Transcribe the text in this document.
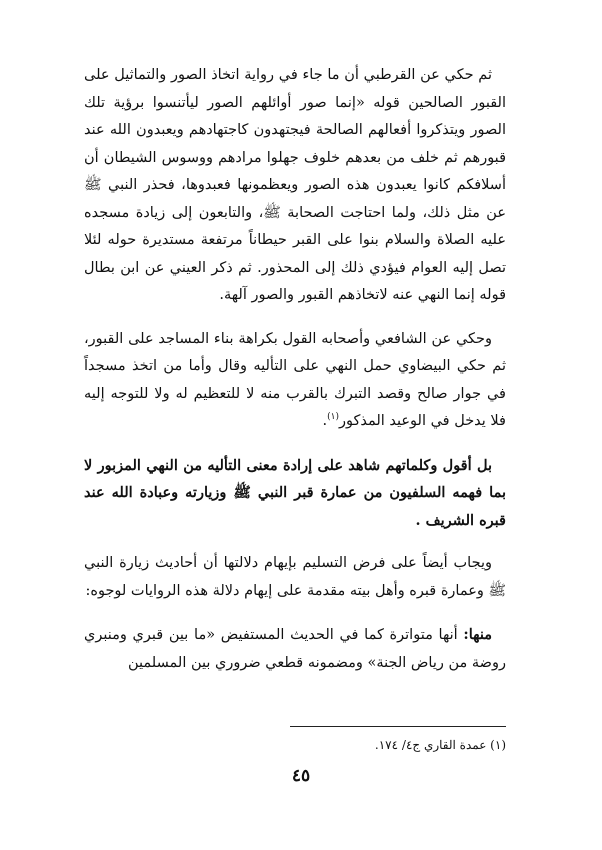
ثم حكي عن القرطبي أن ما جاء في رواية اتخاذ الصور والتماثيل على القبور الصالحين قوله «إنما صور أوائلهم الصور ليأتنسوا برؤية تلك الصور ويتذكروا أفعالهم الصالحة فيجتهدون كاجتهادهم ويعبدون الله عند قبورهم ثم خلف من بعدهم خلوف جهلوا مرادهم ووسوس الشيطان أن أسلافكم كانوا يعبدون هذه الصور ويعظمونها فعبدوها، فحذر النبي ﷺ عن مثل ذلك، ولما احتاجت الصحابة ﷺ، والتابعون إلى زيادة مسجده عليه الصلاة والسلام بنوا على القبر حيطاناً مرتفعة مستديرة حوله لئلا تصل إليه العوام فيؤدي ذلك إلى المحذور. ثم ذكر العيني عن ابن بطال قوله إنما النهي عنه لاتخاذهم القبور والصور آلهة.

وحكي عن الشافعي وأصحابه القول بكراهة بناء المساجد على القبور، ثم حكي البيضاوي حمل النهي على التأليه وقال وأما من اتخذ مسجداً في جوار صالح وقصد التبرك بالقرب منه لا للتعظيم له ولا للتوجه إليه فلا يدخل في الوعيد المذكور$^{(١)}$.

بل أقول وكلماتهم شاهد على إرادة معنى التأليه من النهي المزبور لا بما فهمه السلفيون من عمارة قبر النبي ﷺ وزيارته وعبادة الله عند قبره الشريف .

ويجاب أيضاً على فرض التسليم بإيهام دلالتها أن أحاديث زيارة النبي ﷺ وعمارة قبره وأهل بيته مقدمة على إيهام دلالة هذه الروايات لوجوه:

منها: أنها متواترة كما في الحديث المستفيض «ما بين قبري ومنبري روضة من رياض الجنة» ومضمونه قطعي ضروري بين المسلمين

(١) عمدة القاري ج٤/ ١٧٤.
٤٥
